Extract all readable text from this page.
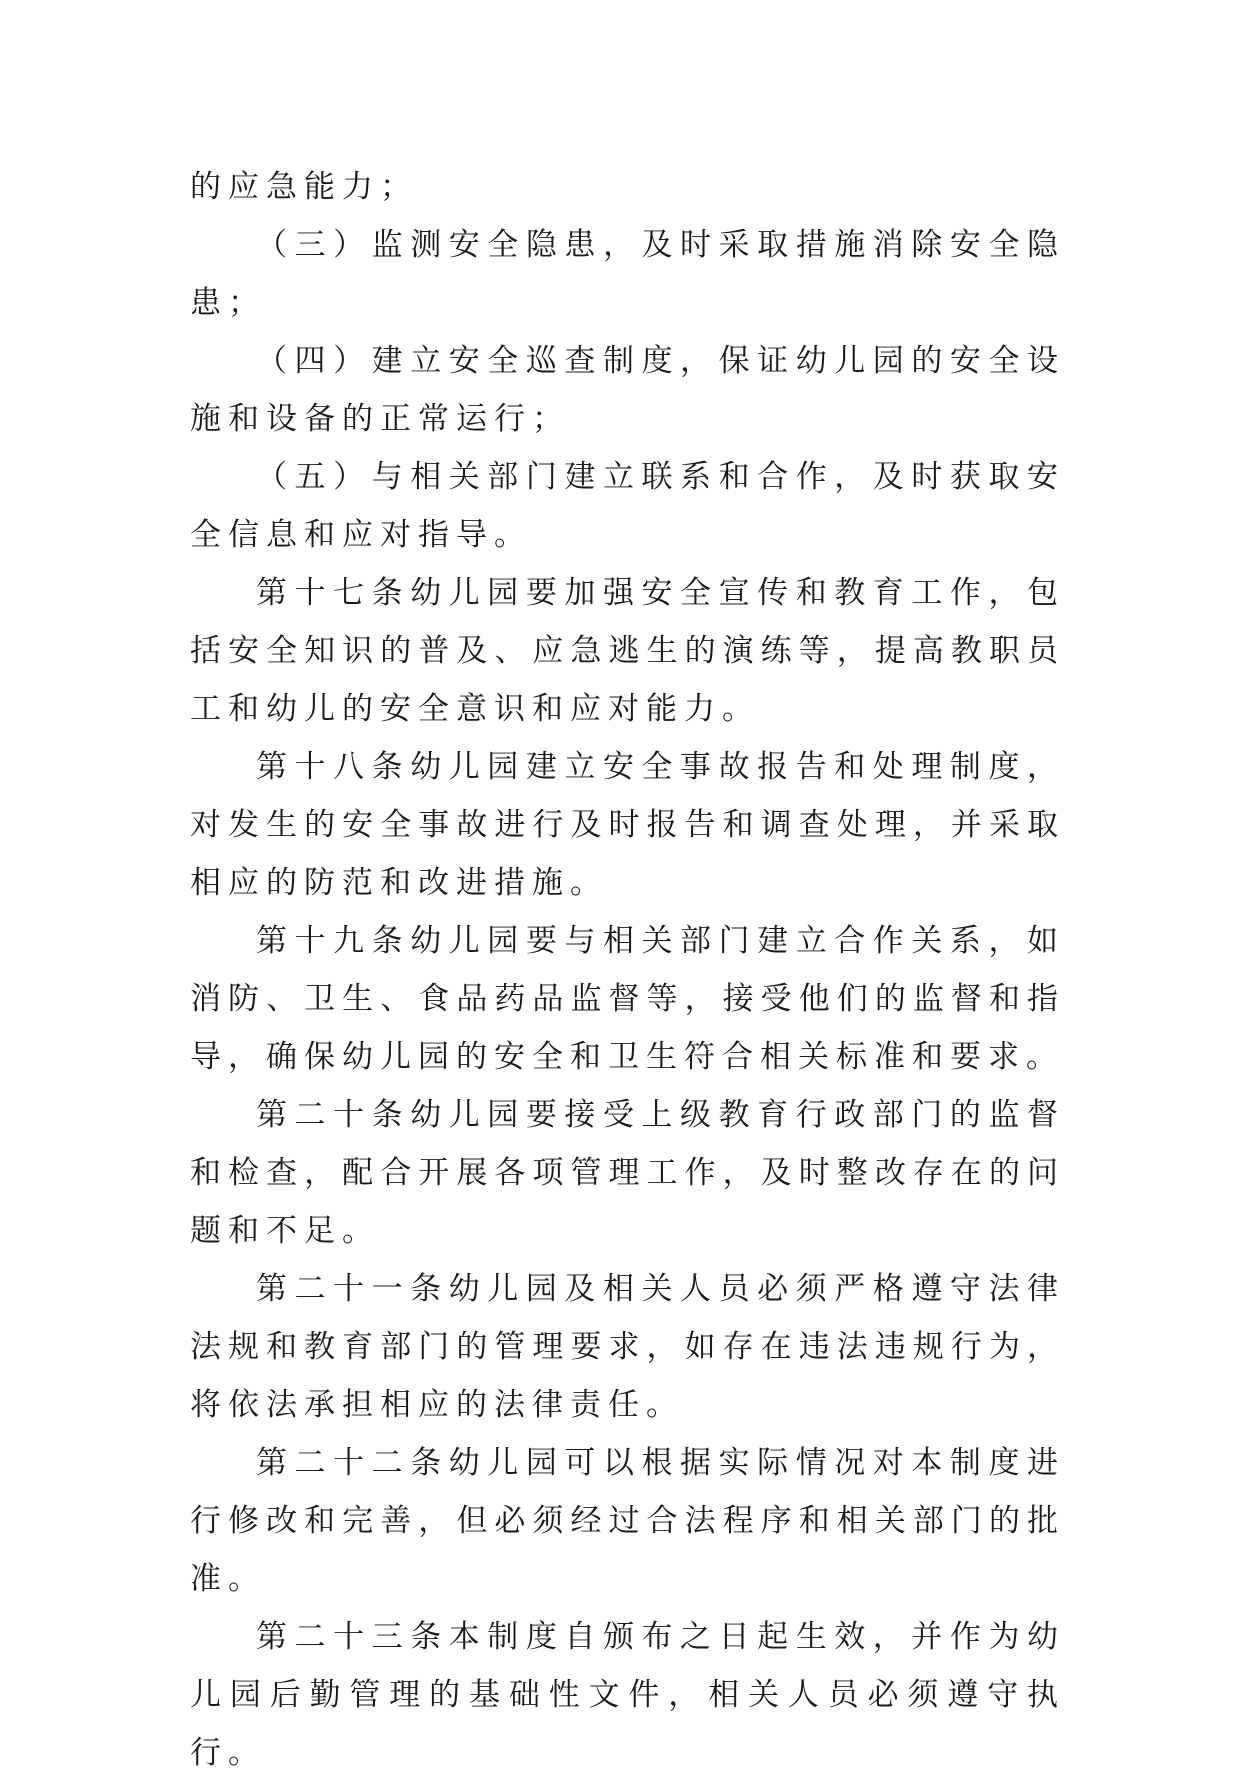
的应急能力；

（三）监测安全隐患，及时采取措施消除安全隐患；

（四）建立安全巡查制度，保证幼儿园的安全设施和设备的正常运行；

（五）与相关部门建立联系和合作，及时获取安全信息和应对指导。

第十七条幼儿园要加强安全宣传和教育工作，包括安全知识的普及、应急逃生的演练等，提高教职员工和幼儿的安全意识和应对能力。

第十八条幼儿园建立安全事故报告和处理制度，对发生的安全事故进行及时报告和调查处理，并采取相应的防范和改进措施。

第十九条幼儿园要与相关部门建立合作关系，如消防、卫生、食品药品监督等，接受他们的监督和指导，确保幼儿园的安全和卫生符合相关标准和要求。

第二十条幼儿园要接受上级教育行政部门的监督和检查，配合开展各项管理工作，及时整改存在的问题和不足。

第二十一条幼儿园及相关人员必须严格遵守法律法规和教育部门的管理要求，如存在违法违规行为，将依法承担相应的法律责任。

第二十二条幼儿园可以根据实际情况对本制度进行修改和完善，但必须经过合法程序和相关部门的批准。

第二十三条本制度自颁布之日起生效，并作为幼儿园后勤管理的基础性文件，相关人员必须遵守执行。
